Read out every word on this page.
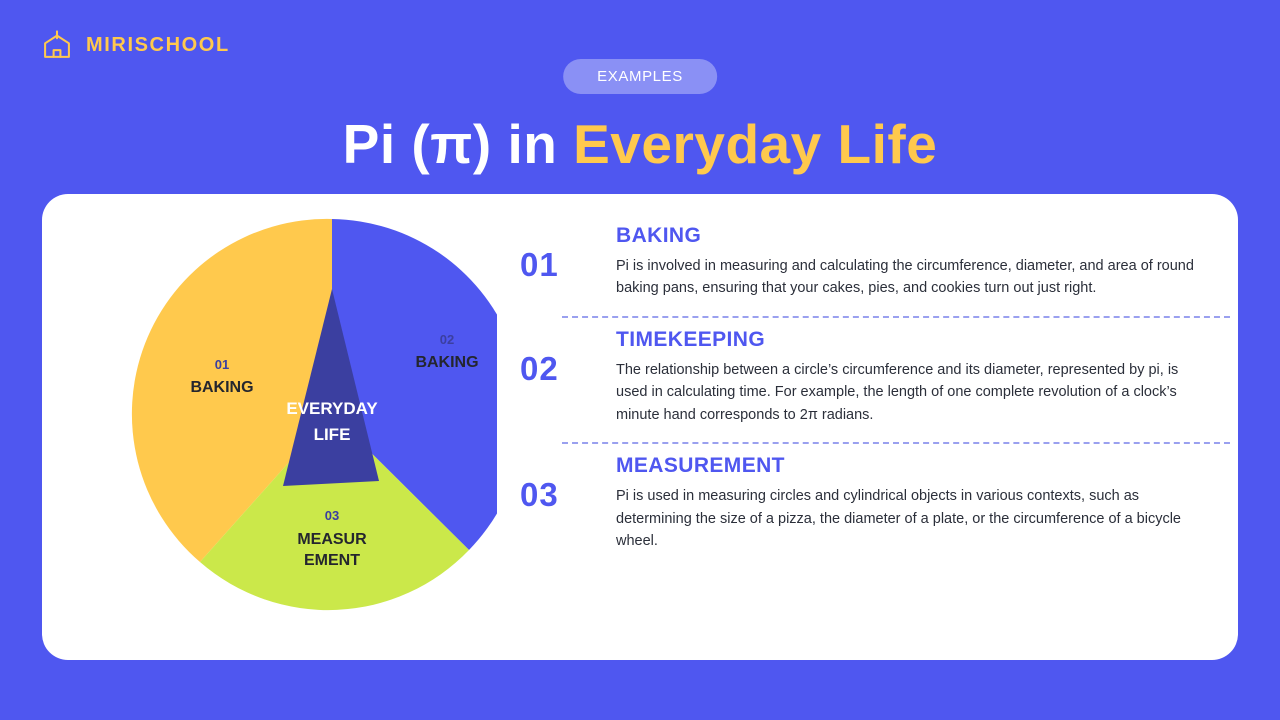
MIRISCHOOL
EXAMPLES
Pi (π) in Everyday Life
01
BAKING
02
BAKING
03
MEASUR
EMENT
EVERYDAY
LIFE
01
BAKING
Pi is involved in measuring and calculating the circumference, diameter, and area of round baking pans, ensuring that your cakes, pies, and cookies turn out just right.
02
TIMEKEEPING
The relationship between a circle’s circumference and its diameter, represented by pi, is used in calculating time. For example, the length of one complete revolution of a clock’s minute hand corresponds to 2π radians.
03
MEASUREMENT
Pi is used in measuring circles and cylindrical objects in various contexts, such as determining the size of a pizza, the diameter of a plate, or the circumference of a bicycle wheel.
